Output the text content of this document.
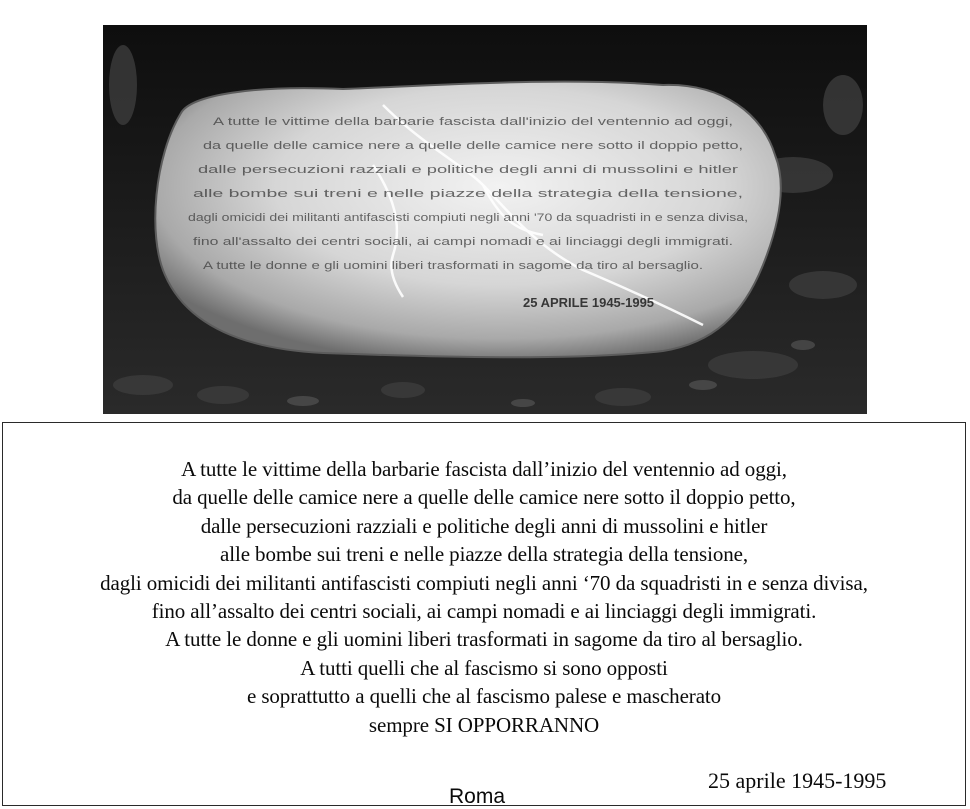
A tutte le vittime della barbarie fascista dall'inizio del ventennio ad oggi,
da quelle delle camice nere a quelle delle camice nere sotto il doppio petto,
dalle persecuzioni razziali e politiche degli anni di mussolini e hitler
alle bombe sui treni e nelle piazze della strategia della tensione,
dagli omicidi dei militanti antifascisti compiuti negli anni '70 da squadristi in e senza divisa,
fino all'assalto dei centri sociali, ai campi nomadi e ai linciaggi degli immigrati.
A tutte le donne e gli uomini liberi trasformati in sagome da tiro al bersaglio.
25 APRILE 1945-1995
A tutte le vittime della barbarie fascista dall’inizio del ventennio ad oggi,
da quelle delle camice nere a quelle delle camice nere sotto il doppio petto,
dalle persecuzioni razziali e politiche degli anni di mussolini e hitler
alle bombe sui treni e nelle piazze della strategia della tensione,
dagli omicidi dei militanti antifascisti compiuti negli anni ‘70 da squadristi in e senza divisa,
fino all’assalto dei centri sociali, ai campi nomadi e ai linciaggi degli immigrati.
A tutte le donne e gli uomini liberi trasformati in sagome da tiro al bersaglio.
A tutti quelli che al fascismo si sono opposti
e soprattutto a quelli che al fascismo palese e mascherato
sempre SI OPPORRANNO
Roma
25 aprile 1945-1995
